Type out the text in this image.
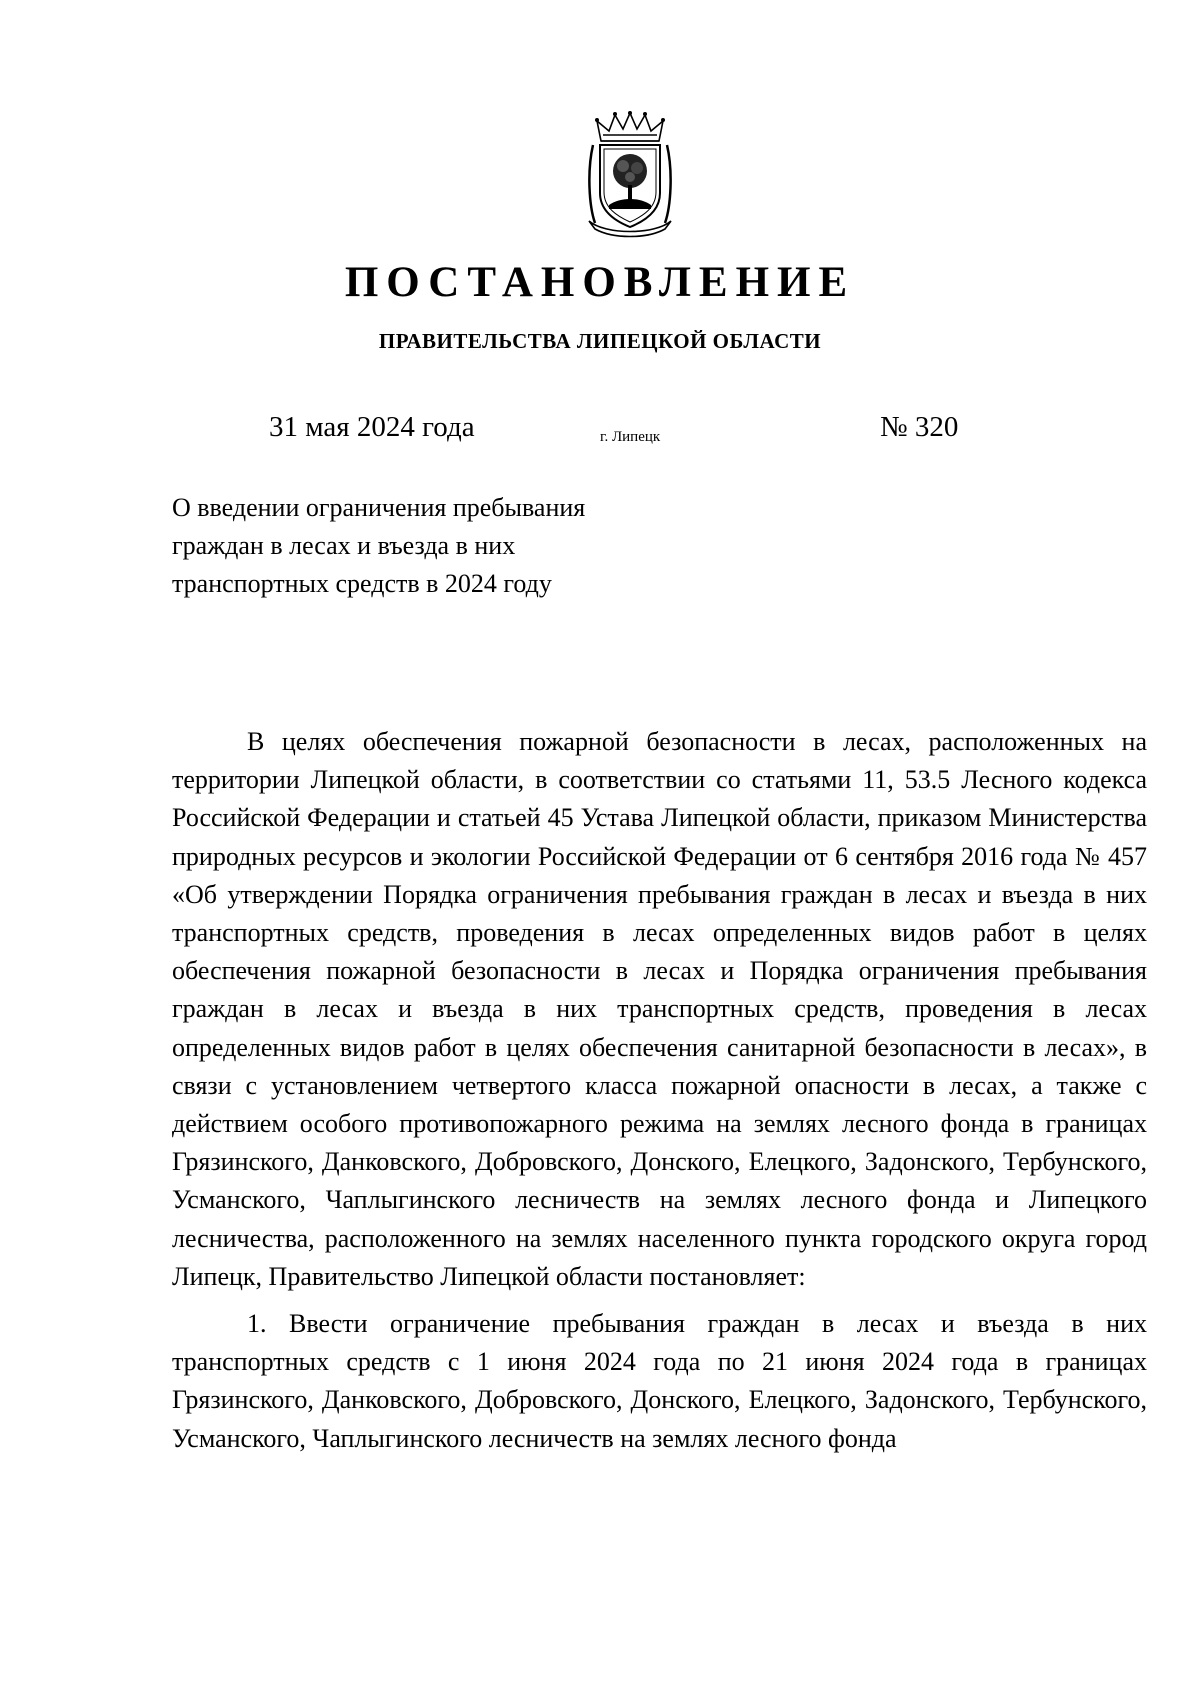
ПОСТАНОВЛЕНИЕ
ПРАВИТЕЛЬСТВА ЛИПЕЦКОЙ ОБЛАСТИ
31 мая 2024 года	г. Липецк	№ 320
О введении ограничения пребывания
граждан в лесах и въезда в них
транспортных средств в 2024 году

В целях обеспечения пожарной безопасности в лесах, расположенных на территории Липецкой области, в соответствии со статьями 11, 53.5 Лесного кодекса Российской Федерации и статьей 45 Устава Липецкой области, приказом Министерства природных ресурсов и экологии Российской Федерации от 6 сентября 2016 года № 457 «Об утверждении Порядка ограничения пребывания граждан в лесах и въезда в них транспортных средств, проведения в лесах определенных видов работ в целях обеспечения пожарной безопасности в лесах и Порядка ограничения пребывания граждан в лесах и въезда в них транспортных средств, проведения в лесах определенных видов работ в целях обеспечения санитарной безопасности в лесах», в связи с установлением четвертого класса пожарной опасности в лесах, а также с действием особого противопожарного режима на землях лесного фонда в границах Грязинского, Данковского, Добровского, Донского, Елецкого, Задонского, Тербунского, Усманского, Чаплыгинского лесничеств на землях лесного фонда и Липецкого лесничества, расположенного на землях населенного пункта городского округа город Липецк, Правительство Липецкой области постановляет:

1. Ввести ограничение пребывания граждан в лесах и въезда в них транспортных средств с 1 июня 2024 года по 21 июня 2024 года в границах Грязинского, Данковского, Добровского, Донского, Елецкого, Задонского, Тербунского, Усманского, Чаплыгинского лесничеств на землях лесного фонда
